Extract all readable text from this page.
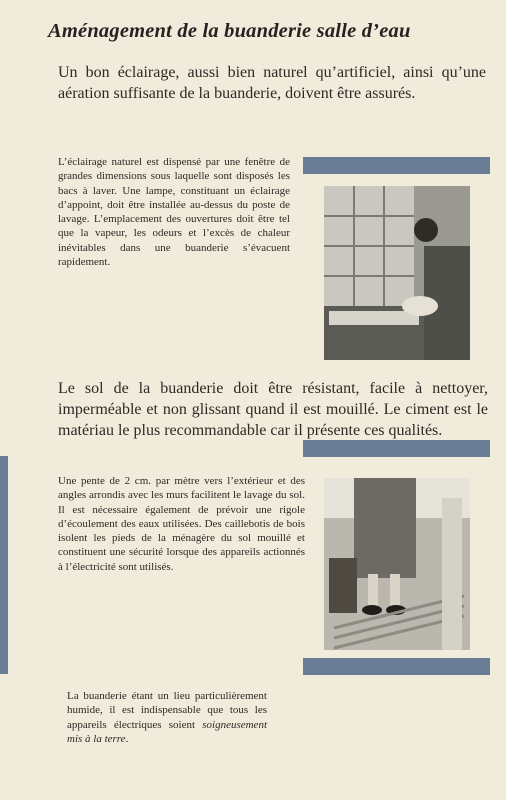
Aménagement de la buanderie salle d’eau
Un bon éclairage, aussi bien naturel qu’artificiel, ainsi qu’une aération suffisante de la buanderie, doivent être assurés.
L’éclairage naturel est dispensé par une fenêtre de grandes dimensions sous laquelle sont disposés les bacs à laver. Une lampe, constituant un éclairage d’appoint, doit être installée au-dessus du poste de lavage. L’emplacement des ouvertures doit être tel que la vapeur, les odeurs et l’excès de chaleur inévitables dans une buanderie s’évacuent rapidement.
Le sol de la buanderie doit être résistant, facile à nettoyer, imperméable et non glissant quand il est mouillé. Le ciment est le matériau le plus recommandable car il présente ces qualités.
Une pente de 2 cm. par mètre vers l’extérieur et des angles arrondis avec les murs facilitent le lavage du sol. Il est nécessaire également de prévoir une rigole d’écoulement des eaux utilisées. Des caillebotis de bois isolent les pieds de la ménagère du sol mouillé et constituent une sécurité lorsque des appareils actionnés à l’électricité sont utilisés.
La buanderie étant un lieu particulièrement humide, il est indispensable que tous les appareils électriques soient soigneusement mis à la terre.
